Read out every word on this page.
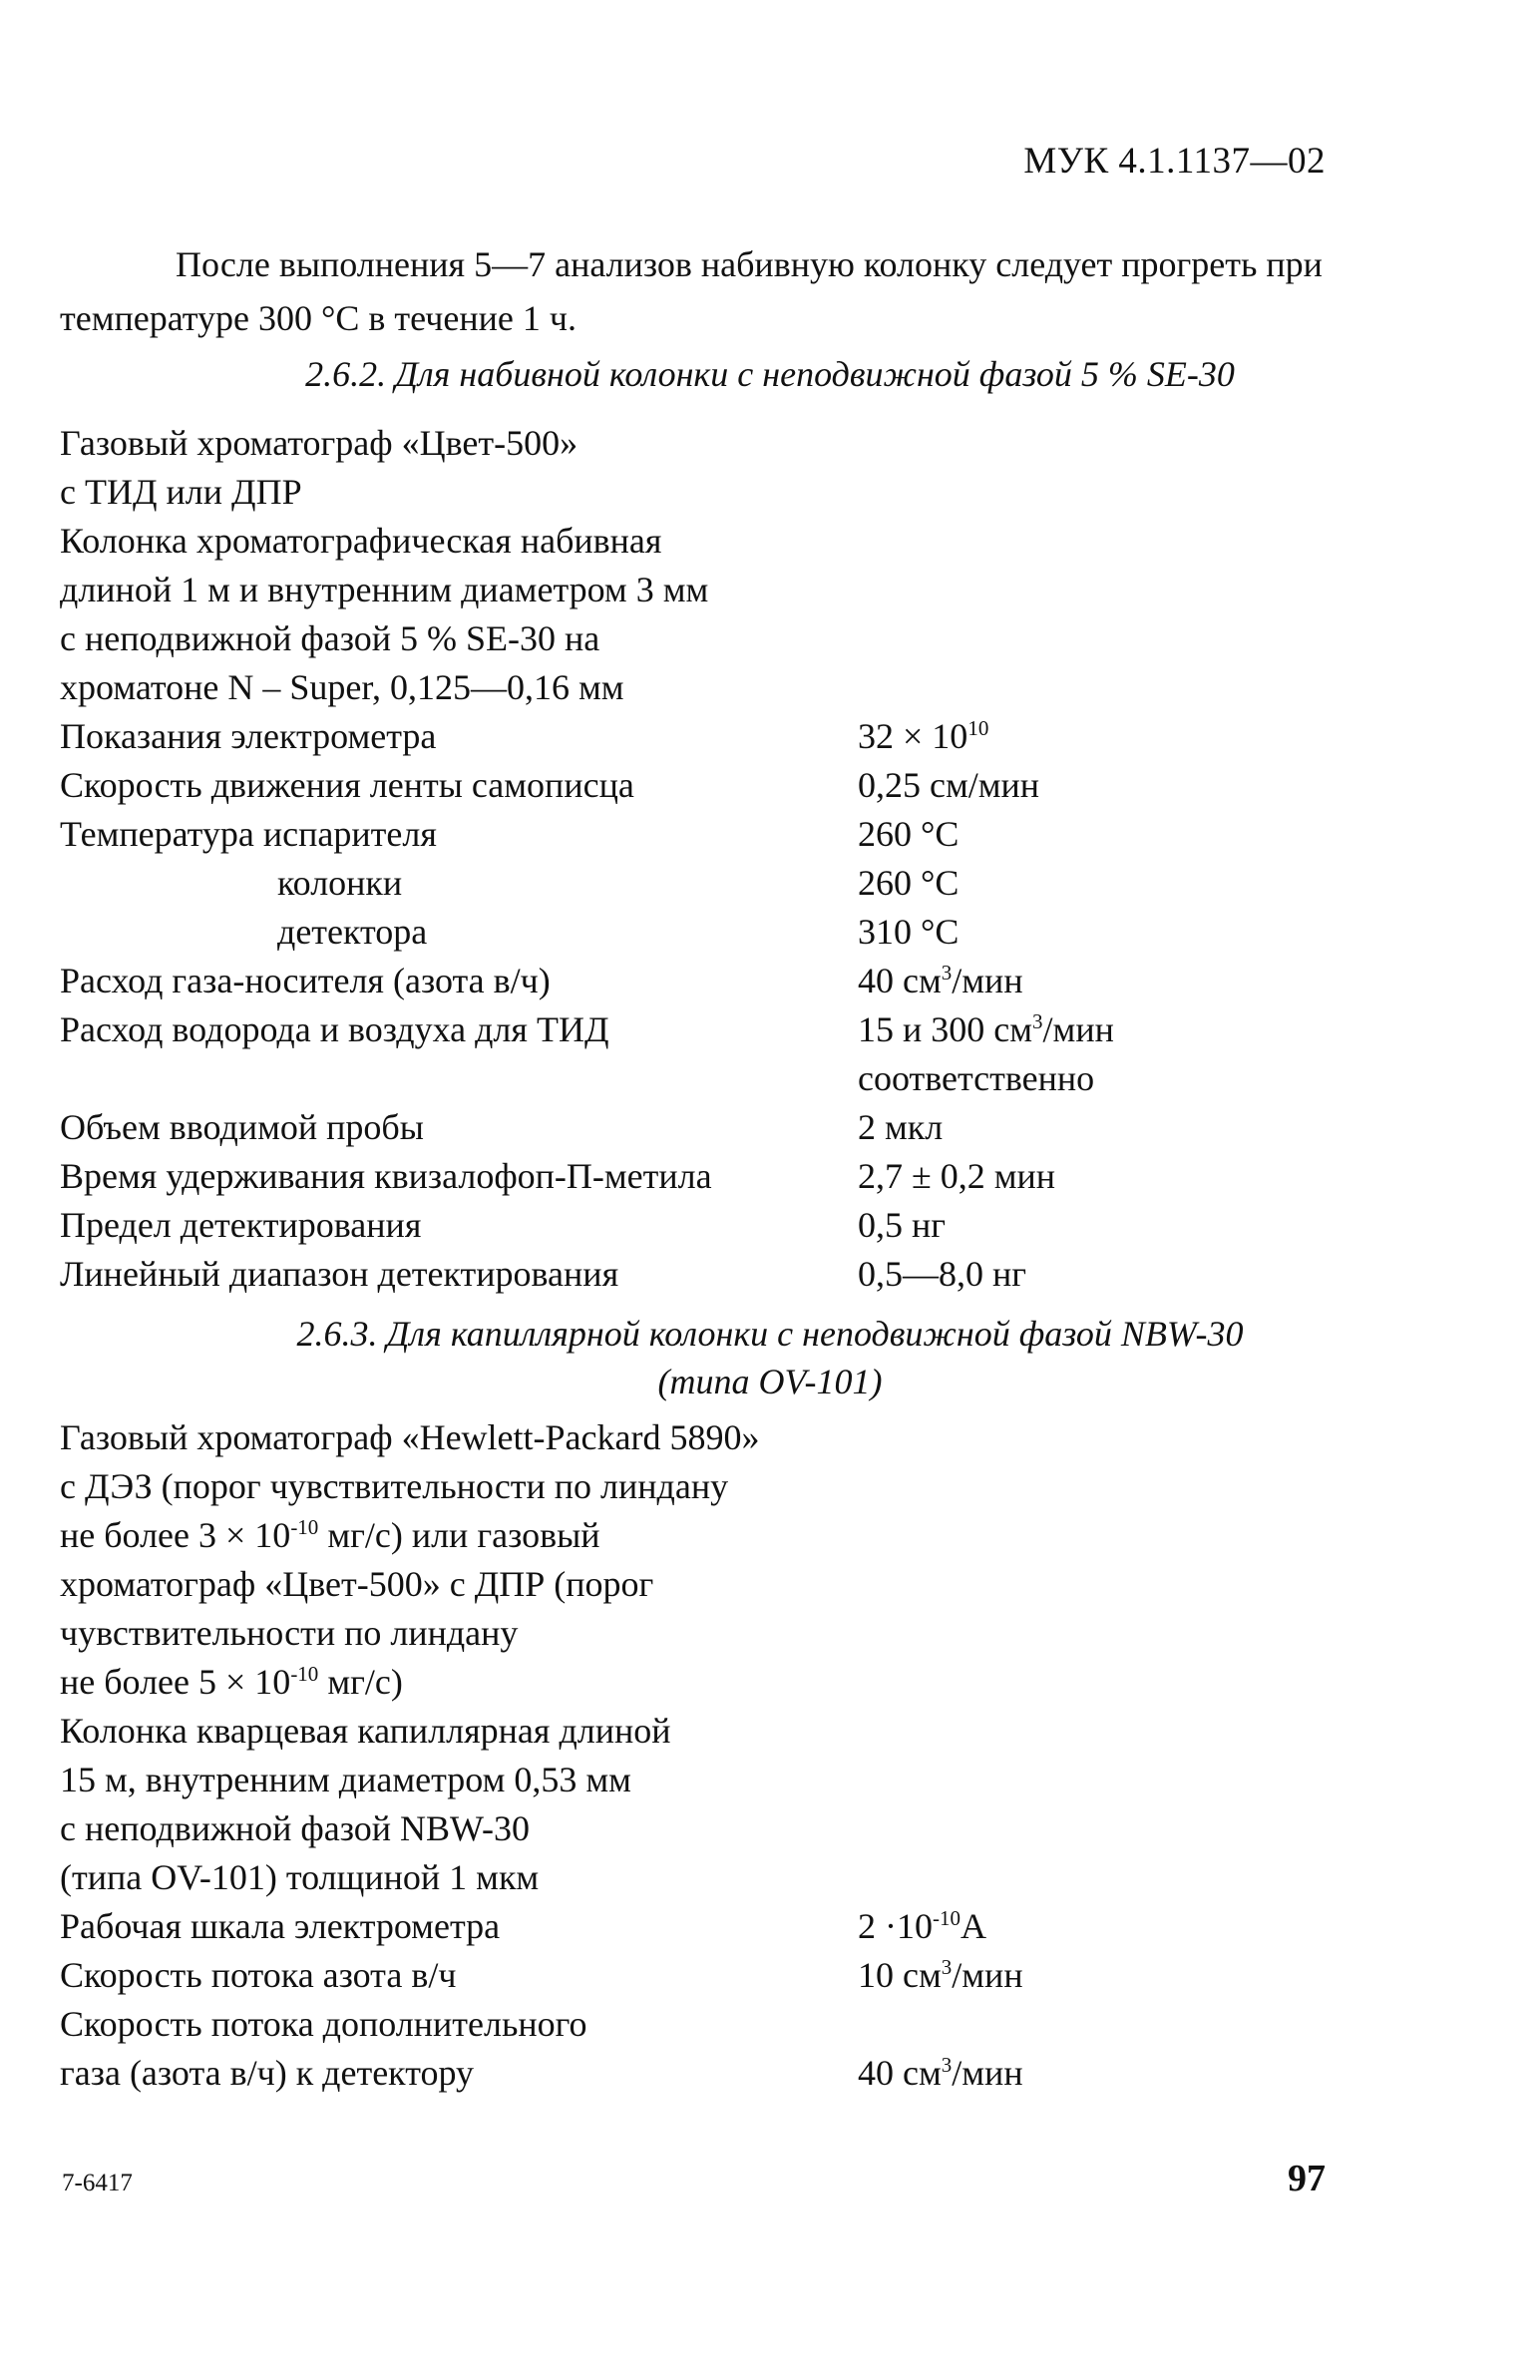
МУК 4.1.1137—02
После выполнения 5—7 анализов набивную колонку следует прогреть при температуре 300 °С в течение 1 ч.
2.6.2. Для набивной колонки с неподвижной фазой 5 % SE-30
Газовый хроматограф «Цвет-500»
с ТИД или ДПР
Колонка хроматографическая набивная
длиной 1 м и внутренним диаметром 3 мм
с неподвижной фазой 5 % SE-30 на
хроматоне N – Super, 0,125—0,16 мм
Показания электрометра	$32 \times 10^{10}$
Скорость движения ленты самописца	0,25 см/мин
Температура испарителя	260 °С
колонки	260 °С
детектора	310 °С
Расход газа-носителя (азота в/ч)	40 $см^3$/мин
Расход водорода и воздуха для ТИД	15 и 300 $см^3$/мин
соответственно
Объем вводимой пробы	2 мкл
Время удерживания квизалофоп-П-метила	2,7 ± 0,2 мин
Предел детектирования	0,5 нг
Линейный диапазон детектирования	0,5—8,0 нг
2.6.3. Для капиллярной колонки с неподвижной фазой NBW-30
(типа OV-101)
Газовый хроматограф «Hewlett-Packard 5890»
с ДЭЗ (порог чувствительности по линдану
не более $3 \times 10^{-10}$ мг/с) или газовый
хроматограф «Цвет-500» с ДПР (порог
чувствительности по линдану
не более $5 \times 10^{-10}$ мг/с)
Колонка кварцевая капиллярная длиной
15 м, внутренним диаметром 0,53 мм
с неподвижной фазой NBW-30
(типа OV-101) толщиной 1 мкм
Рабочая шкала электрометра	$2 \cdot 10^{-10}А$
Скорость потока азота в/ч	10 $см^3$/мин
Скорость потока дополнительного
газа (азота в/ч) к детектору	40 $см^3$/мин
7-6417	97
